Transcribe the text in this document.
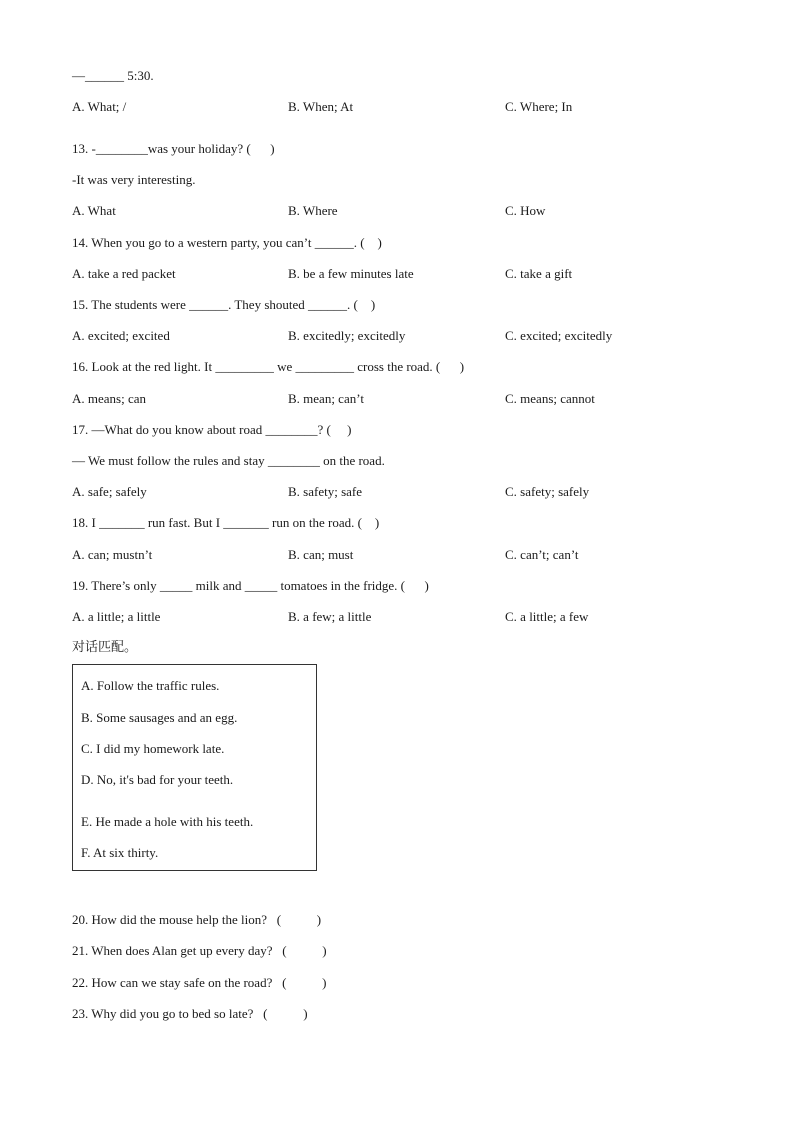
—______ 5:30.
A. What; /	B. When; At	C. Where; In
13. -________was your holiday? (      )
-It was very interesting.
A. What	B. Where	C. How
14. When you go to a western party, you can’t ______. (    )
A. take a red packet	B. be a few minutes late	C. take a gift
15. The students were ______. They shouted ______. (    )
A. excited; excited	B. excitedly; excitedly	C. excited; excitedly
16. Look at the red light. It _________ we _________ cross the road. (      )
A. means; can	B. mean; can’t	C. means; cannot
17. —What do you know about road ________? (     )
— We must follow the rules and stay ________ on the road.
A. safe; safely	B. safety; safe	C. safety; safely
18. I _______ run fast. But I _______ run on the road. (    )
A. can; mustn’t	B. can; must	C. can’t; can’t
19. There’s only _____ milk and _____ tomatoes in the fridge. (      )
A. a little; a little	B. a few; a little	C. a little; a few
对话匹配。
A. Follow the traffic rules.
B. Some sausages and an egg.
C. I did my homework late.
D. No, it's bad for your teeth.
E. He made a hole with his teeth.
F. At six thirty.
20. How did the mouse help the lion?   (           )
21. When does Alan get up every day?   (           )
22. How can we stay safe on the road?   (           )
23. Why did you go to bed so late?   (           )
